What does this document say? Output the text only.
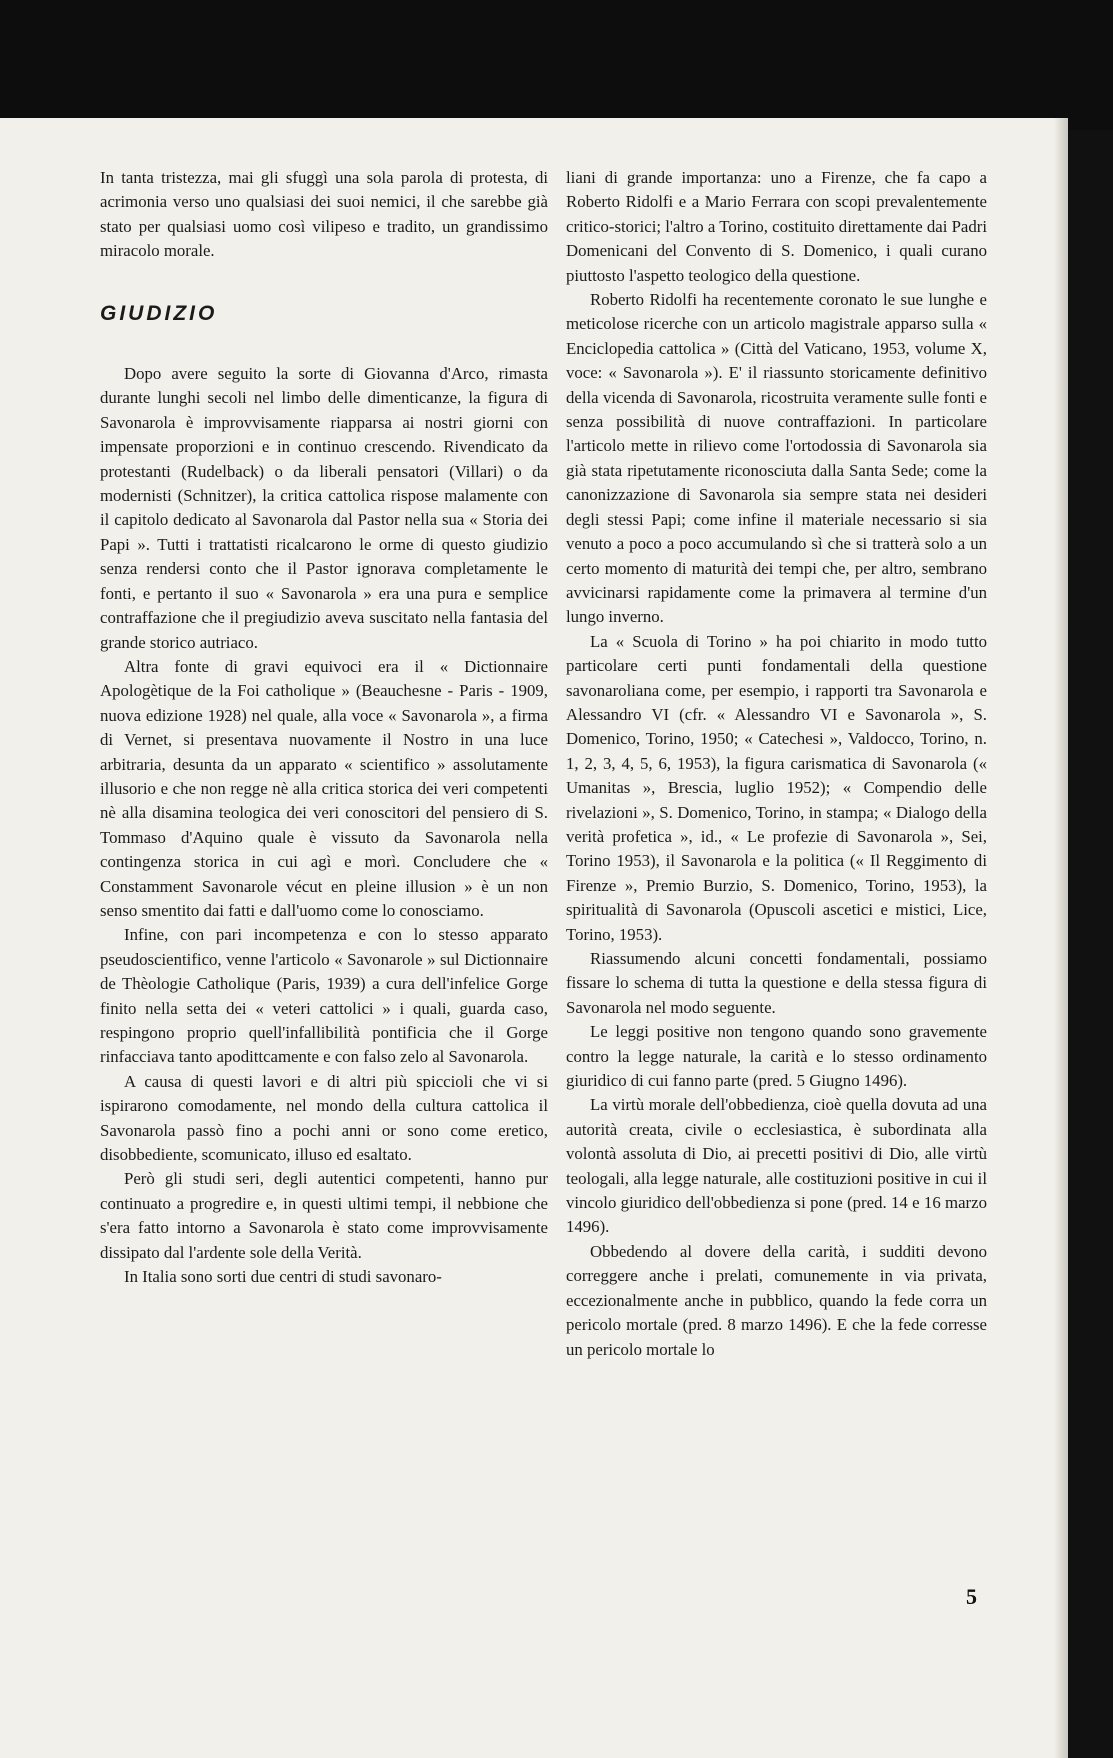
In tanta tristezza, mai gli sfuggì una sola parola di protesta, di acrimonia verso uno qualsiasi dei suoi nemici, il che sarebbe già stato per qualsiasi uomo così vilipeso e tradito, un grandissimo miracolo morale.

GIUDIZIO

Dopo avere seguito la sorte di Giovanna d'Arco, rimasta durante lunghi secoli nel limbo delle dimenticanze, la figura di Savonarola è improvvisamente riapparsa ai nostri giorni con impensate proporzioni e in continuo crescendo. Rivendicato da protestanti (Rudelback) o da liberali pensatori (Villari) o da modernisti (Schnitzer), la critica cattolica rispose malamente con il capitolo dedicato al Savonarola dal Pastor nella sua « Storia dei Papi ». Tutti i trattatisti ricalcarono le orme di questo giudizio senza rendersi conto che il Pastor ignorava completamente le fonti, e pertanto il suo « Savonarola » era una pura e semplice contraffazione che il pregiudizio aveva suscitato nella fantasia del grande storico autriaco.

Altra fonte di gravi equivoci era il « Dictionnaire Apologètique de la Foi catholique » (Beauchesne - Paris - 1909, nuova edizione 1928) nel quale, alla voce « Savonarola », a firma di Vernet, si presentava nuovamente il Nostro in una luce arbitraria, desunta da un apparato « scientifico » assolutamente illusorio e che non regge nè alla critica storica dei veri competenti nè alla disamina teologica dei veri conoscitori del pensiero di S. Tommaso d'Aquino quale è vissuto da Savonarola nella contingenza storica in cui agì e morì. Concludere che « Constamment Savonarole vécut en pleine illusion » è un non senso smentito dai fatti e dall'uomo come lo conosciamo.

Infine, con pari incompetenza e con lo stesso apparato pseudoscientifico, venne l'articolo « Savonarole » sul Dictionnaire de Thèologie Catholique (Paris, 1939) a cura dell'infelice Gorge finito nella setta dei « veteri cattolici » i quali, guarda caso, respingono proprio quell'infallibilità pontificia che il Gorge rinfacciava tanto apodittcamente e con falso zelo al Savonarola.

A causa di questi lavori e di altri più spiccioli che vi si ispirarono comodamente, nel mondo della cultura cattolica il Savonarola passò fino a pochi anni or sono come eretico, disobbediente, scomunicato, illuso ed esaltato.

Però gli studi seri, degli autentici competenti, hanno pur continuato a progredire e, in questi ultimi tempi, il nebbione che s'era fatto intorno a Savonarola è stato come improvvisamente dissipato dal l'ardente sole della Verità.

In Italia sono sorti due centri di studi savonaro-

liani di grande importanza: uno a Firenze, che fa capo a Roberto Ridolfi e a Mario Ferrara con scopi prevalentemente critico-storici; l'altro a Torino, costituito direttamente dai Padri Domenicani del Convento di S. Domenico, i quali curano piuttosto l'aspetto teologico della questione.

Roberto Ridolfi ha recentemente coronato le sue lunghe e meticolose ricerche con un articolo magistrale apparso sulla « Enciclopedia cattolica » (Città del Vaticano, 1953, volume X, voce: « Savonarola »). E' il riassunto storicamente definitivo della vicenda di Savonarola, ricostruita veramente sulle fonti e senza possibilità di nuove contraffazioni. In particolare l'articolo mette in rilievo come l'ortodossia di Savonarola sia già stata ripetutamente riconosciuta dalla Santa Sede; come la canonizzazione di Savonarola sia sempre stata nei desideri degli stessi Papi; come infine il materiale necessario si sia venuto a poco a poco accumulando sì che si tratterà solo a un certo momento di maturità dei tempi che, per altro, sembrano avvicinarsi rapidamente come la primavera al termine d'un lungo inverno.

La « Scuola di Torino » ha poi chiarito in modo tutto particolare certi punti fondamentali della questione savonaroliana come, per esempio, i rapporti tra Savonarola e Alessandro VI (cfr. « Alessandro VI e Savonarola », S. Domenico, Torino, 1950; « Catechesi », Valdocco, Torino, n. 1, 2, 3, 4, 5, 6, 1953), la figura carismatica di Savonarola (« Umanitas », Brescia, luglio 1952); « Compendio delle rivelazioni », S. Domenico, Torino, in stampa; « Dialogo della verità profetica », id., « Le profezie di Savonarola », Sei, Torino 1953), il Savonarola e la politica (« Il Reggimento di Firenze », Premio Burzio, S. Domenico, Torino, 1953), la spiritualità di Savonarola (Opuscoli ascetici e mistici, Lice, Torino, 1953).

Riassumendo alcuni concetti fondamentali, possiamo fissare lo schema di tutta la questione e della stessa figura di Savonarola nel modo seguente.

Le leggi positive non tengono quando sono gravemente contro la legge naturale, la carità e lo stesso ordinamento giuridico di cui fanno parte (pred. 5 Giugno 1496).

La virtù morale dell'obbedienza, cioè quella dovuta ad una autorità creata, civile o ecclesiastica, è subordinata alla volontà assoluta di Dio, ai precetti positivi di Dio, alle virtù teologali, alla legge naturale, alle costituzioni positive in cui il vincolo giuridico dell'obbedienza si pone (pred. 14 e 16 marzo 1496).

Obbedendo al dovere della carità, i sudditi devono correggere anche i prelati, comunemente in via privata, eccezionalmente anche in pubblico, quando la fede corra un pericolo mortale (pred. 8 marzo 1496). E che la fede corresse un pericolo mortale lo

5
